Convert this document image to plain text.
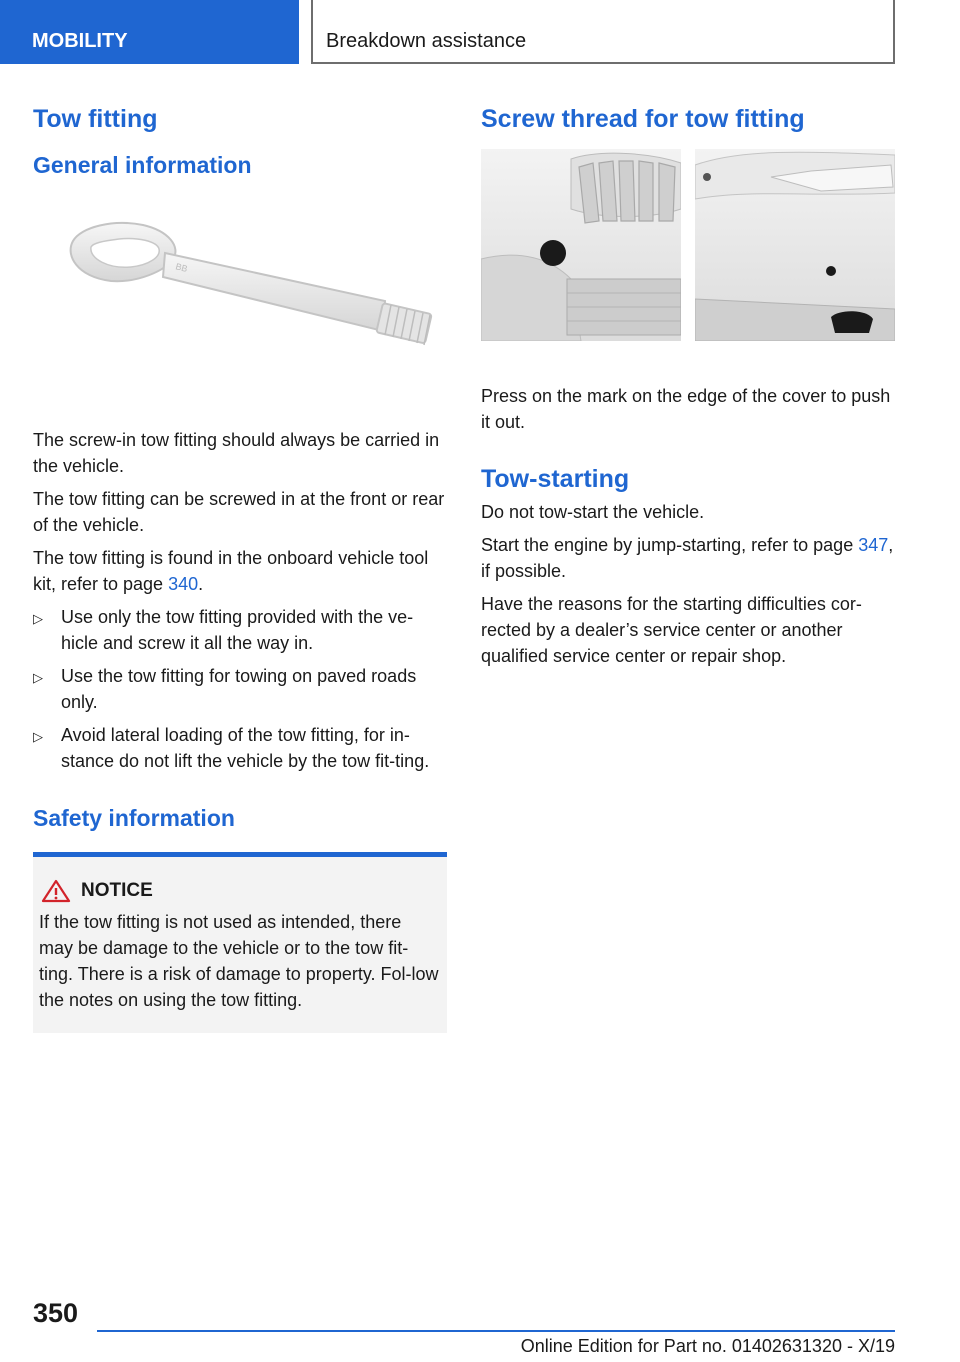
MOBILITY	Breakdown assistance
Tow fitting
General information
BB

The screw-in tow fitting should always be carried in the vehicle.

The tow fitting can be screwed in at the front or rear of the vehicle.

The tow fitting is found in the onboard vehicle tool kit, refer to page 340.

▷ Use only the tow fitting provided with the ve‐hicle and screw it all the way in.
▷ Use the tow fitting for towing on paved roads only.
▷ Avoid lateral loading of the tow fitting, for in‐stance do not lift the vehicle by the tow fit‐ting.
Safety information
NOTICE

If the tow fitting is not used as intended, there may be damage to the vehicle or to the tow fit‐ting. There is a risk of damage to property. Fol‐low the notes on using the tow fitting.

Screw thread for tow fitting

Press on the mark on the edge of the cover to push it out.

Tow-starting

Do not tow-start the vehicle.

Start the engine by jump-starting, refer to page 347, if possible.

Have the reasons for the starting difficulties cor‐rected by a dealer’s service center or another qualified service center or repair shop.

350
Online Edition for Part no. 01402631320 - X/19
